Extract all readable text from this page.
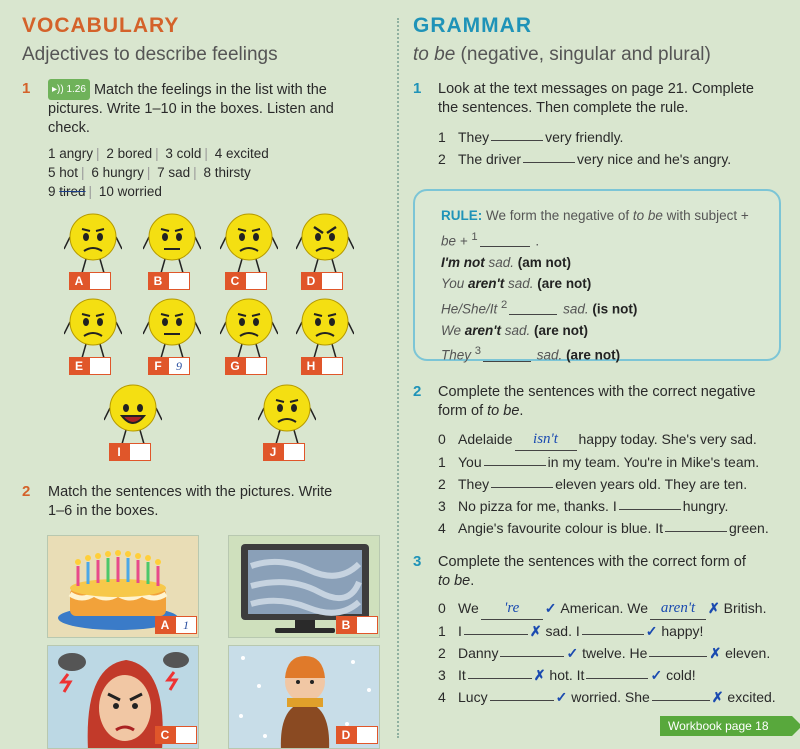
VOCABULARY
Adjectives to describe feelings
1	▸)) 1.26 Match the feelings in the list with the
pictures. Write 1–10 in the boxes. Listen and
check.
1 angry | 2 bored | 3 cold | 4 excited
5 hot | 6 hungry | 7 sad | 8 thirsty
9 tired | 10 worried
A	B	C	D
E	F	9	G	H
I	J
2 Match the sentences with the pictures. Write
1–6 in the boxes.
A	1	B
C	D
GRAMMAR
to be (negative, singular and plural)
1 Look at the text messages on page 21. Complete
the sentences. Then complete the rule.
1 They	very friendly.
2 The driver	very nice and he's angry.
RULE: We form the negative of to be with subject +
be + $^1$	.
I'm not sad. (am not)
You aren't sad. (are not)
He/She/It $^2$	sad. (is not)
We aren't sad. (are not)
They $^3$	sad. (are not)
2 Complete the sentences with the correct negative
form of to be.
0 Adelaide	isn't	happy today. She's very sad.
1 You	in my team. You're in Mike's team.
2 They	eleven years old. They are ten.
3 No pizza for me, thanks. I	hungry.
4 Angie's favourite colour is blue. It	green.
3 Complete the sentences with the correct form of
to be.
0 We	're	✓
American. We aren't ✗
British.
1 I	✗
sad. I	✓
happy!
2 Danny	✓
twelve. He	✗
eleven.
3 It	✗
hot. It	✓
cold!
4 Lucy	✓
worried. She	✗
excited.
Workbook page 18
